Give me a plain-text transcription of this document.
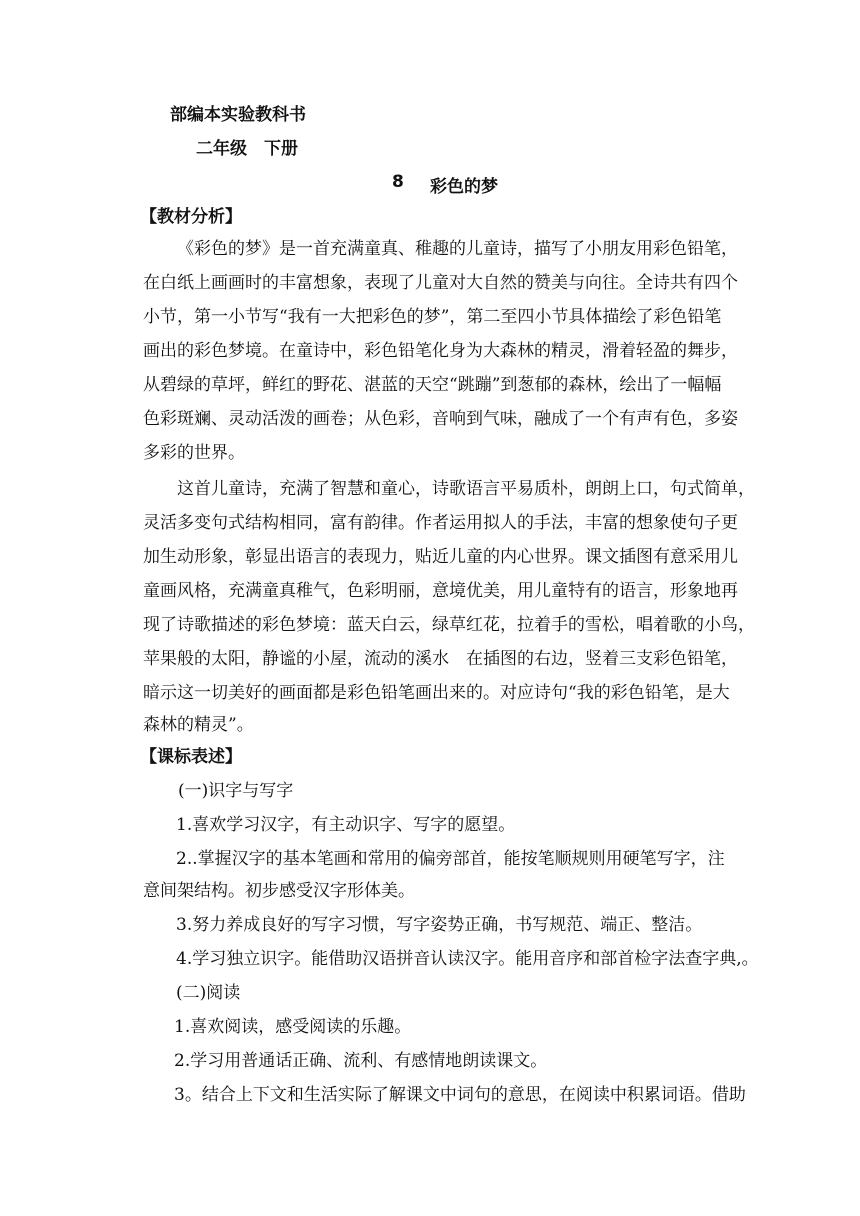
部编本实验教科书
二年级　下册
8 彩色的梦
【教材分析】
《彩色的梦》是一首充满童真、稚趣的儿童诗，描写了小朋友用彩色铅笔，
在白纸上画画时的丰富想象，表现了儿童对大自然的赞美与向往。全诗共有四个
小节，第一小节写“我有一大把彩色的梦”，第二至四小节具体描绘了彩色铅笔
画出的彩色梦境。在童诗中，彩色铅笔化身为大森林的精灵，滑着轻盈的舞步，
从碧绿的草坪，鲜红的野花、湛蓝的天空“跳蹦”到葱郁的森林，绘出了一幅幅
色彩斑斓、灵动活泼的画卷；从色彩，音响到气味，融成了一个有声有色，多姿
多彩的世界。
这首儿童诗，充满了智慧和童心，诗歌语言平易质朴，朗朗上口，句式简单，
灵活多变句式结构相同，富有韵律。作者运用拟人的手法，丰富的想象使句子更
加生动形象，彰显出语言的表现力，贴近儿童的内心世界。课文插图有意采用儿
童画风格，充满童真稚气，色彩明丽，意境优美，用儿童特有的语言，形象地再
现了诗歌描述的彩色梦境：蓝天白云，绿草红花，拉着手的雪松，唱着歌的小鸟，
苹果般的太阳，静谧的小屋，流动的溪水　在插图的右边，竖着三支彩色铅笔，
暗示这一切美好的画面都是彩色铅笔画出来的。对应诗句“我的彩色铅笔，是大
森林的精灵”。
【课标表述】
(一)识字与写字
1.喜欢学习汉字，有主动识字、写字的愿望。
2..掌握汉字的基本笔画和常用的偏旁部首，能按笔顺规则用硬笔写字，注
意间架结构。初步感受汉字形体美。
3.努力养成良好的写字习惯，写字姿势正确，书写规范、端正、整洁。
4.学习独立识字。能借助汉语拼音认读汉字。能用音序和部首检字法查字典,。
(二)阅读
1.喜欢阅读，感受阅读的乐趣。
2.学习用普通话正确、流利、有感情地朗读课文。
3。结合上下文和生活实际了解课文中词句的意思，在阅读中积累词语。借助
